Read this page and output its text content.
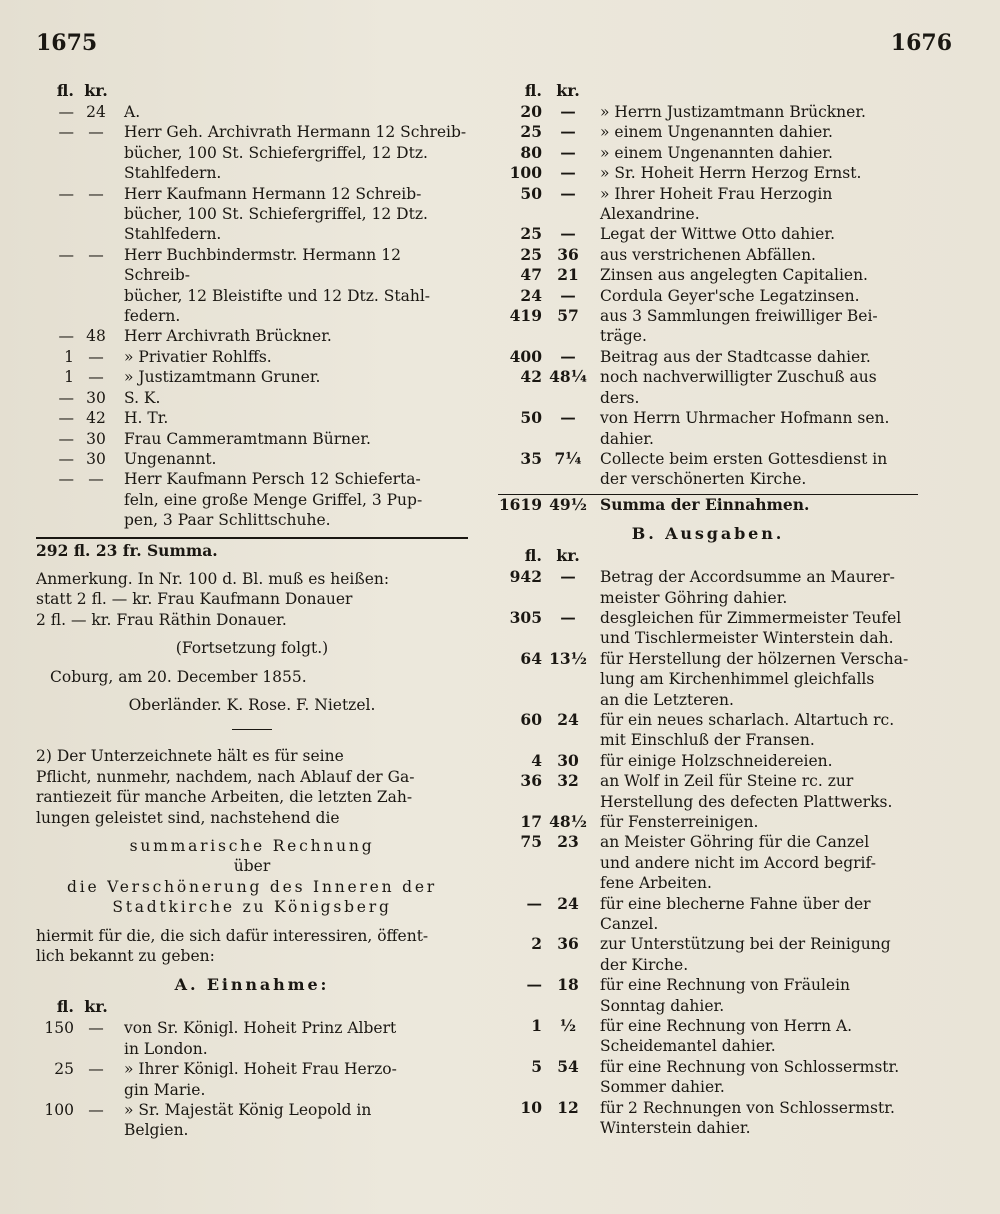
1675	1676
fl. kr.
— 24	A.
— —	Herr Geh. Archivrath Hermann 12 Schreib-
bücher, 100 St. Schiefergriffel, 12 Dtz.
Stahlfedern.
— —	Herr Kaufmann Hermann 12 Schreib-
bücher, 100 St. Schiefergriffel, 12 Dtz.
Stahlfedern.
— —	Herr Buchbindermstr. Hermann 12 Schreib-
bücher, 12 Bleistifte und 12 Dtz. Stahl-
federn.
— 48	Herr Archivrath Brückner.
1 —	» Privatier Rohlffs.
1 —	» Justizamtmann Gruner.
— 30	S. K.
— 42	H. Tr.
— 30	Frau Cammeramtmann Bürner.
— 30	Ungenannt.
— —	Herr Kaufmann Persch 12 Schieferta-
feln, eine große Menge Griffel, 3 Pup-
pen, 3 Paar Schlittschuhe.
292 fl. 23 fr. Summa.
Anmerkung. In Nr. 100 d. Bl. muß es heißen:
statt 2 fl. — kr. Frau Kaufmann Donauer
2 fl. — kr. Frau Räthin Donauer.
(Fortsetzung folgt.)
Coburg, am 20. December 1855.
Oberländer. K. Rose. F. Nietzel.
2) Der Unterzeichnete hält es für seine
Pflicht, nunmehr, nachdem, nach Ablauf der Ga-
rantiezeit für manche Arbeiten, die letzten Zah-
lungen geleistet sind, nachstehend die
summarische Rechnung
über
die Verschönerung des Inneren der
Stadtkirche zu Königsberg
hiermit für die, die sich dafür interessiren, öffent-
lich bekannt zu geben:
A. Einnahme:
fl. kr.
150 —	von Sr. Königl. Hoheit Prinz Albert
in London.
25 —	» Ihrer Königl. Hoheit Frau Herzo-
gin Marie.
100 —	» Sr. Majestät König Leopold in
Belgien.
fl. kr.
20	—	» Herrn Justizamtmann Brückner.
25	—	» einem Ungenannten dahier.
80	—	» einem Ungenannten dahier.
100	—	» Sr. Hoheit Herrn Herzog Ernst.
50	—	» Ihrer Hoheit Frau Herzogin
Alexandrine.
25	—	Legat der Wittwe Otto dahier.
25 36	aus verstrichenen Abfällen.
47 21	Zinsen aus angelegten Capitalien.
24	—	Cordula Geyer'sche Legatzinsen.
419 57	aus 3 Sammlungen freiwilliger Bei-
träge.
400	—	Beitrag aus der Stadtcasse dahier.
42 48¼ noch nachverwilligter Zuschuß aus ders.
50	—	von Herrn Uhrmacher Hofmann sen.
dahier.
35 7¼	Collecte beim ersten Gottesdienst in
der verschönerten Kirche.
1619 49½ Summa der Einnahmen.
B. Ausgaben.
fl. kr.
942	—	Betrag der Accordsumme an Maurer-
meister Göhring dahier.
305	—	desgleichen für Zimmermeister Teufel
und Tischlermeister Winterstein dah.
64 13½ für Herstellung der hölzernen Verscha-
lung am Kirchenhimmel gleichfalls
an die Letzteren.
60 24	für ein neues scharlach. Altartuch rc.
mit Einschluß der Fransen.
4 30	für einige Holzschneidereien.
36 32	an Wolf in Zeil für Steine rc. zur
Herstellung des defecten Plattwerks.
17 48½ für Fensterreinigen.
75 23	an Meister Göhring für die Canzel
und andere nicht im Accord begrif-
fene Arbeiten.
— 24	für eine blecherne Fahne über der
Canzel.
2 36	zur Unterstützung bei der Reinigung
der Kirche.
— 18	für eine Rechnung von Fräulein
Sonntag dahier.
1	½	für eine Rechnung von Herrn A.
Scheidemantel dahier.
5 54	für eine Rechnung von Schlossermstr.
Sommer dahier.
10 12	für 2 Rechnungen von Schlossermstr.
Winterstein dahier.
